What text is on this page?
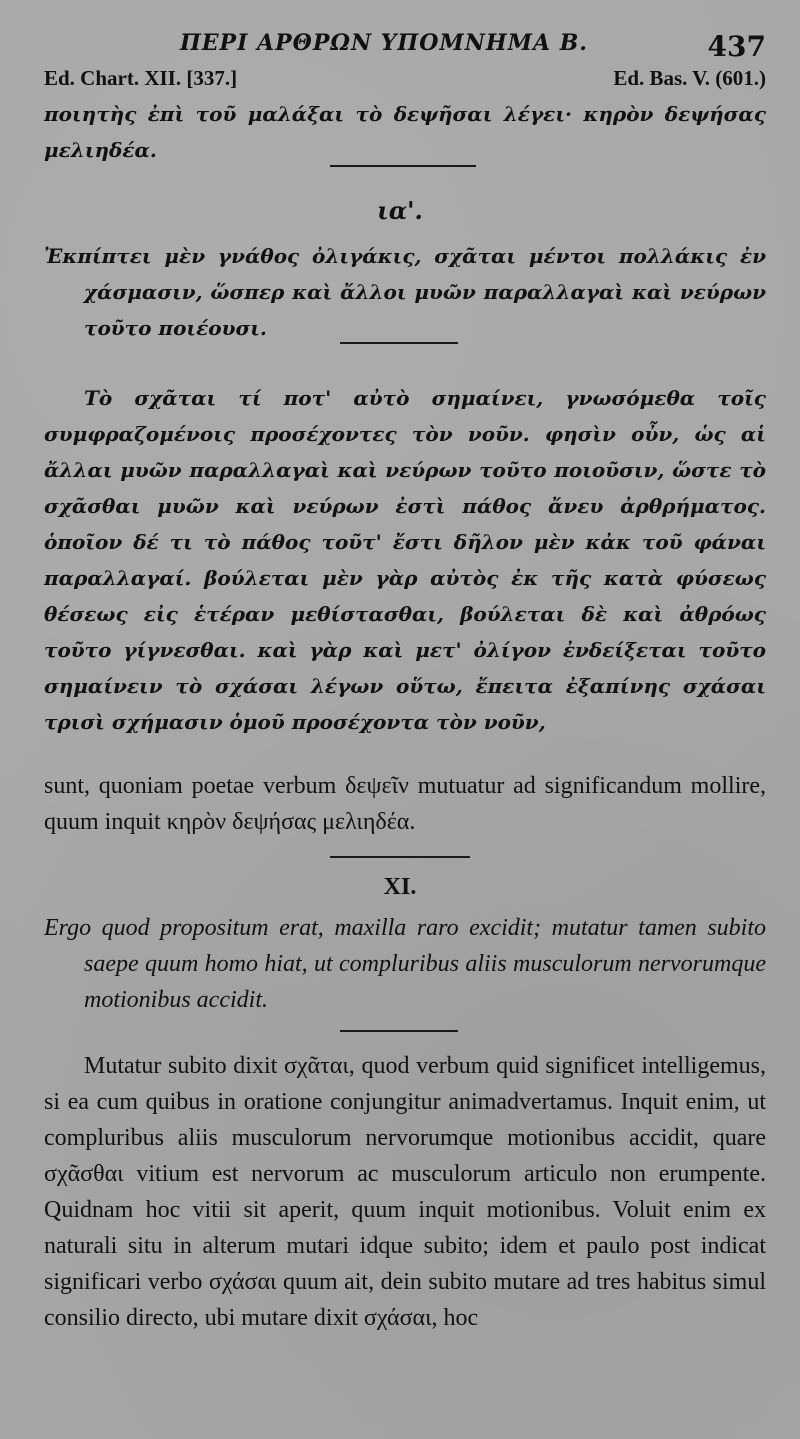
ΠΕΡΙ ΑΡΘΡΩΝ ΥΠΟΜΝΗΜΑ Β.	437
Ed. Chart. XII. [337.]	Ed. Bas. V. (601.)
ποιητὴς ἐπὶ τοῦ μαλάξαι τὸ δεψῆσαι λέγει· κηρὸν δεψήσας μελιηδέα.
ια'.
Ἐκπίπτει μὲν γνάθος ὀλιγάκις, σχᾶται μέντοι πολλάκις ἐν χάσμασιν, ὥσπερ καὶ ἄλλοι μυῶν παραλλαγαὶ καὶ νεύρων τοῦτο ποιέουσι.
Τὸ σχᾶται τί ποτ' αὐτὸ σημαίνει, γνωσόμεθα τοῖς συμφραζομένοις προσέχοντες τὸν νοῦν. φησὶν οὖν, ὡς αἱ ἄλλαι μυῶν παραλλαγαὶ καὶ νεύρων τοῦτο ποιοῦσιν, ὥστε τὸ σχᾶσθαι μυῶν καὶ νεύρων ἐστὶ πάθος ἄνευ ἀρθρήματος. ὁποῖον δέ τι τὸ πάθος τοῦτ' ἔστι δῆλον μὲν κἀκ τοῦ φάναι παραλλαγαί. βούλεται μὲν γὰρ αὐτὸς ἐκ τῆς κατὰ φύσεως θέσεως εἰς ἑτέραν μεθίστασθαι, βούλεται δὲ καὶ ἀθρόως τοῦτο γίγνεσθαι. καὶ γὰρ καὶ μετ' ὀλίγον ἐνδείξεται τοῦτο σημαίνειν τὸ σχάσαι λέγων οὕτω, ἔπειτα ἐξαπίνης σχάσαι τρισὶ σχήμασιν ὁμοῦ προσέχοντα τὸν νοῦν,
sunt, quoniam poetae verbum δεψεῖν mutuatur ad significandum mollire, quum inquit κηρὸν δεψήσας μελιηδέα.
XI.
Ergo quod propositum erat, maxilla raro excidit; mutatur tamen subito saepe quum homo hiat, ut compluribus aliis musculorum nervorumque motionibus accidit.
Mutatur subito dixit σχᾶται, quod verbum quid significet intelligemus, si ea cum quibus in oratione conjungitur animadvertamus. Inquit enim, ut compluribus aliis musculorum nervorumque motionibus accidit, quare σχᾶσθαι vitium est nervorum ac musculorum articulo non erumpente. Quidnam hoc vitii sit aperit, quum inquit motionibus. Voluit enim ex naturali situ in alterum mutari idque subito; idem et paulo post indicat significari verbo σχάσαι quum ait, dein subito mutare ad tres habitus simul consilio directo, ubi mutare dixit σχάσαι, hoc
